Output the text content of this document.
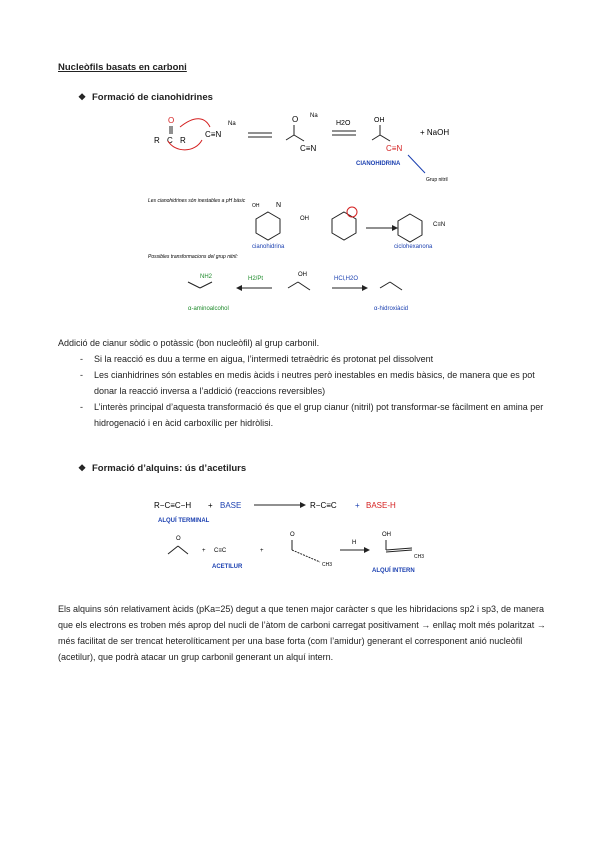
Nucleòfils basats en carboni
❖ Formació de cianohidrines
O
R C R
C≡N
Na	O Na
C≡N
H2O	OH
C≡N
+ NaOH
CIANOHIDRINA
Grup nitril
Les cianohidrines són inestables a pH bàsic
OH N
cianohidrina
OH
ciclohexanona
C≡N
Possibles transformacions del grup nitril:
NH2
α-aminoalcohol
H2/Pt
OH
HCl,H2O
α-hidroxiàcid
Addició de cianur sòdic o potàssic (bon nucleòfil) al grup carbonil.
- Si la reacció es duu a terme en aigua, l’intermedi tetraèdric és protonat pel dissolvent
- Les cianhidrines són estables en medis àcids i neutres però inestables en medis bàsics, de manera que es pot donar la reacció inversa a l’addició (reaccions reversibles)
- L’interès principal d’aquesta transformació és que el grup cianur (nitril) pot transformar-se fàcilment en amina per hidrogenació i en àcid carboxílic per hidròlisi.
❖ Formació d’alquins: ús d’acetilurs
R−C≡C−H + BASE	R−C≡C + BASE-H
ALQUÍ TERMINAL
O
+ C≡C
ACETILUR
+
O
CH3
H
OH
CH3
ALQUÍ INTERN
Els alquins són relativament àcids (pKa=25) degut a que tenen major caràcter s que les hibridacions sp2 i sp3, de manera que els electrons es troben més aprop del nucli de l’àtom de carboni carregat positivament → enllaç molt més polaritzat → més facilitat de ser trencat heterolíticament per una base forta (com l’amidur) generant el corresponent anió nucleòfil (acetilur), que podrà atacar un grup carbonil generant un alquí intern.
